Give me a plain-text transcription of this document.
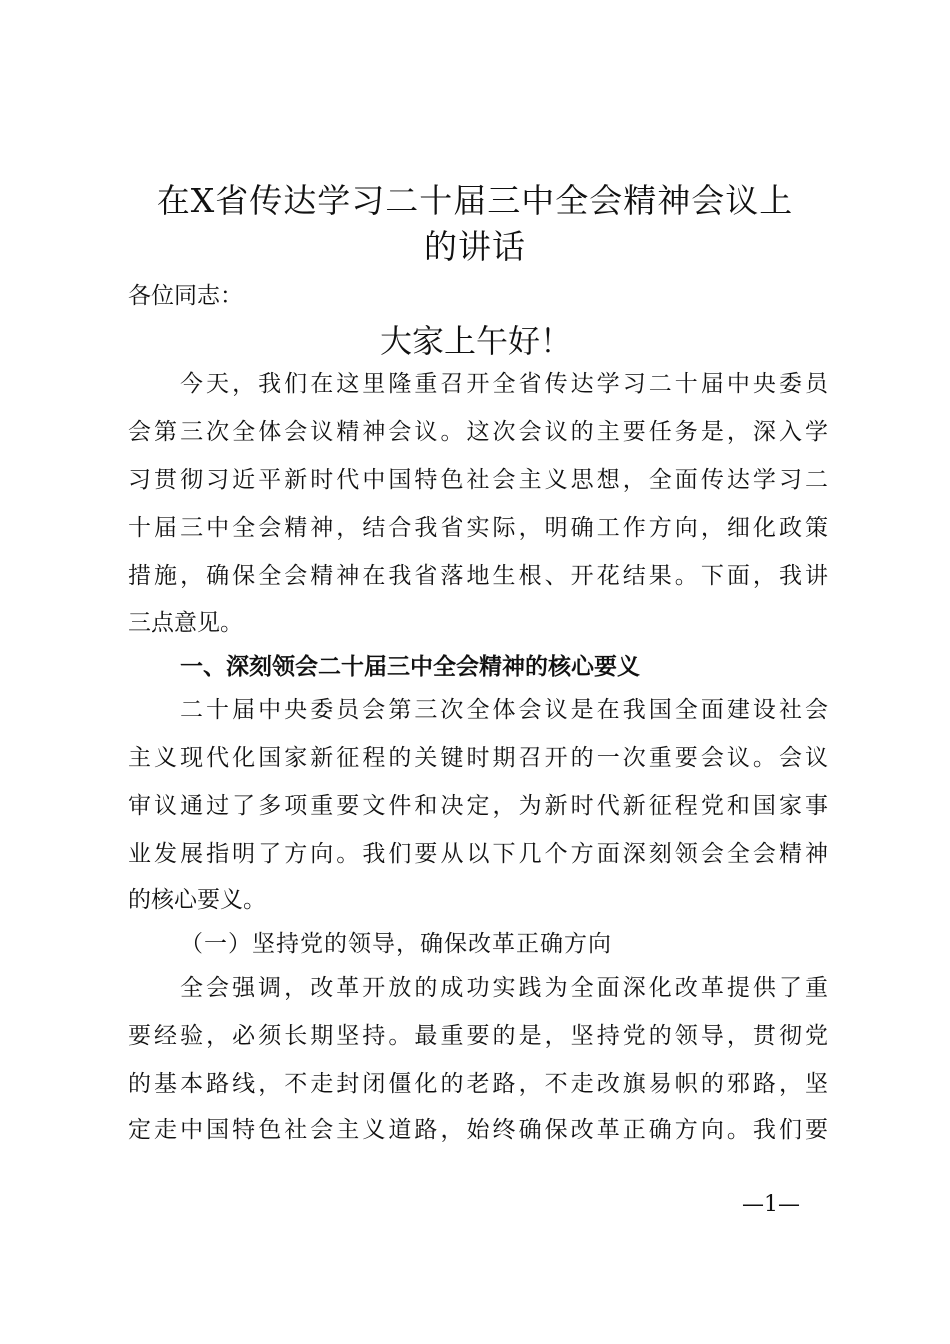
在X省传达学习二十届三中全会精神会议上
的讲话

各位同志：

大家上午好！

今天，我们在这里隆重召开全省传达学习二十届中央委员

会第三次全体会议精神会议。这次会议的主要任务是，深入学

习贯彻习近平新时代中国特色社会主义思想，全面传达学习二

十届三中全会精神，结合我省实际，明确工作方向，细化政策

措施，确保全会精神在我省落地生根、开花结果。下面，我讲

三点意见。

一、深刻领会二十届三中全会精神的核心要义

二十届中央委员会第三次全体会议是在我国全面建设社会

主义现代化国家新征程的关键时期召开的一次重要会议。会议

审议通过了多项重要文件和决定，为新时代新征程党和国家事

业发展指明了方向。我们要从以下几个方面深刻领会全会精神

的核心要义。

（一）坚持党的领导，确保改革正确方向

全会强调，改革开放的成功实践为全面深化改革提供了重

要经验，必须长期坚持。最重要的是，坚持党的领导，贯彻党

的基本路线，不走封闭僵化的老路，不走改旗易帜的邪路，坚

定走中国特色社会主义道路，始终确保改革正确方向。我们要

—1—
